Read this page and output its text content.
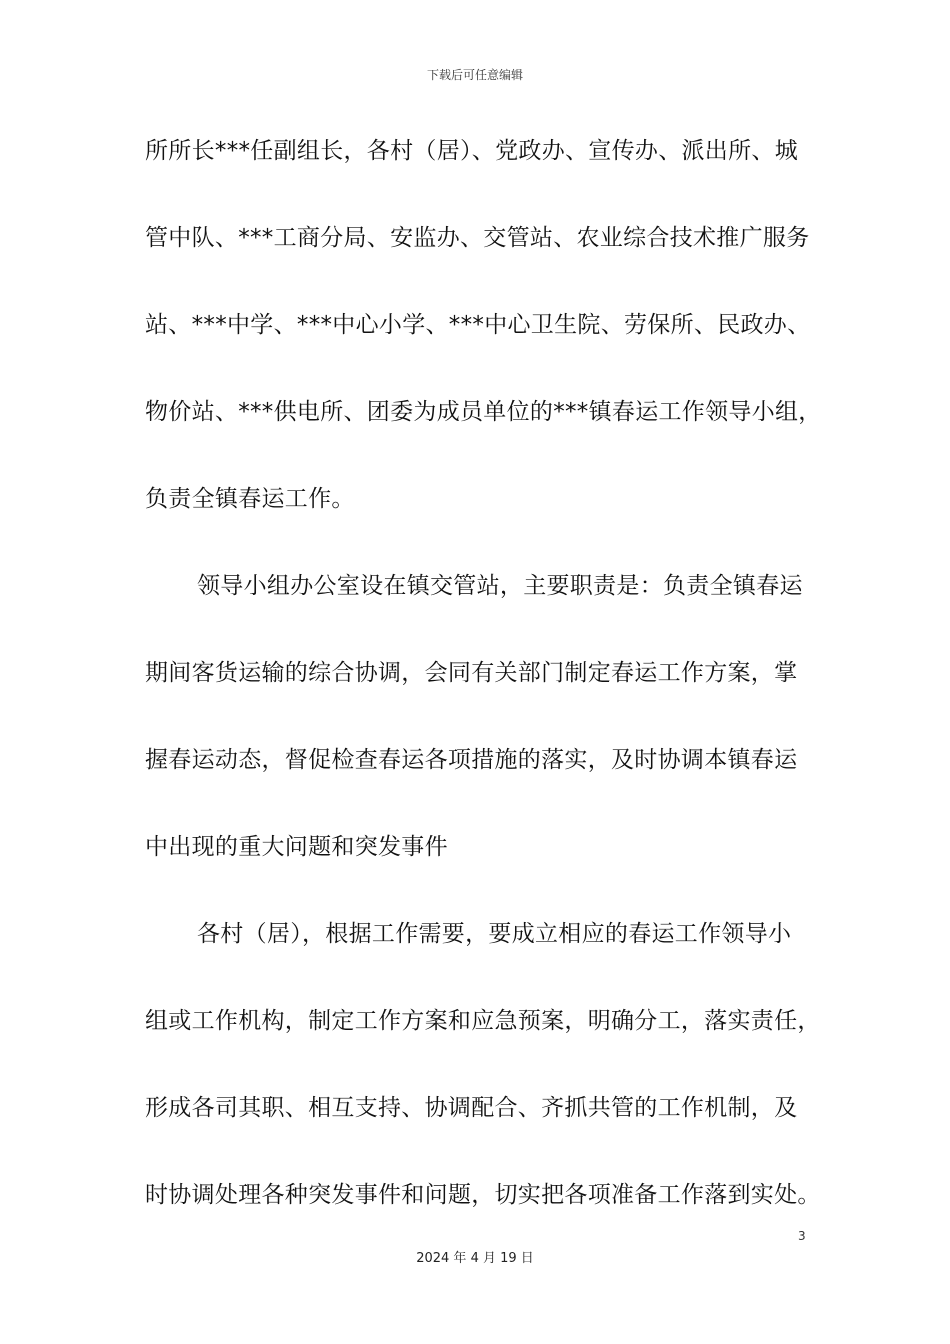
下载后可任意编辑
所所长***任副组长，各村（居）、党政办、宣传办、派出所、城
管中队、***工商分局、安监办、交管站、农业综合技术推广服务
站、***中学、***中心小学、***中心卫生院、劳保所、民政办、
物价站、***供电所、团委为成员单位的***镇春运工作领导小组，
负责全镇春运工作。
领导小组办公室设在镇交管站，主要职责是：负责全镇春运
期间客货运输的综合协调，会同有关部门制定春运工作方案，掌
握春运动态，督促检查春运各项措施的落实，及时协调本镇春运
中出现的重大问题和突发事件
各村（居），根据工作需要，要成立相应的春运工作领导小
组或工作机构，制定工作方案和应急预案，明确分工，落实责任，
形成各司其职、相互支持、协调配合、齐抓共管的工作机制，及
时协调处理各种突发事件和问题，切实把各项准备工作落到实处。
3
2024 年 4 月 19 日
